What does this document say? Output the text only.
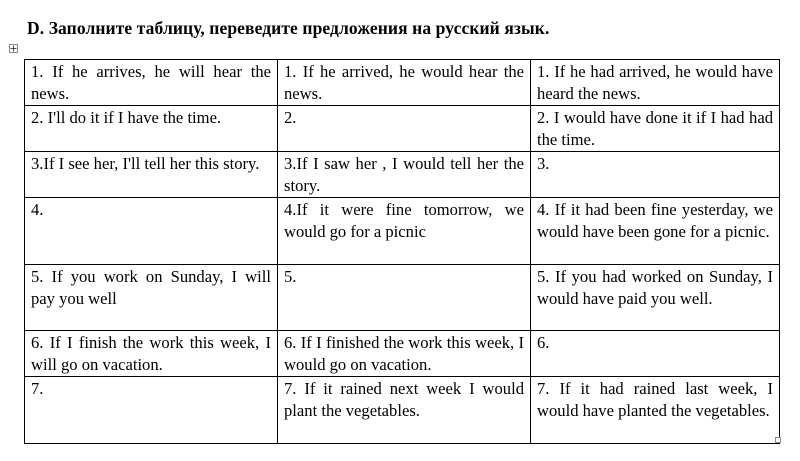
D. Заполните таблицу, переведите предложения на русский язык.
1. If he arrives, he will hear the news.	1. If he arrived, he would hear the news.	1. If he had arrived, he would have heard the news.
2. I'll do it if I have the time.	2.	2. I would have done it if I had had the time.
3.If I see her, I'll tell her this story.	3.If I saw her , I would tell her the story.	3.
4.	4.If it were fine tomorrow, we would go for a picnic	4. If it had been fine yesterday, we would have been gone for a picnic.
5. If you work on Sunday, I will pay you well	5.	5. If you had worked on Sunday, I would have paid you well.
6. If I finish the work this week, I will go on vacation.	6. If I finished the work this week, I would go on vacation.	6.
7.	7. If it rained next week I would plant the vegetables.	7. If it had rained last week, I would have planted the vegetables.
